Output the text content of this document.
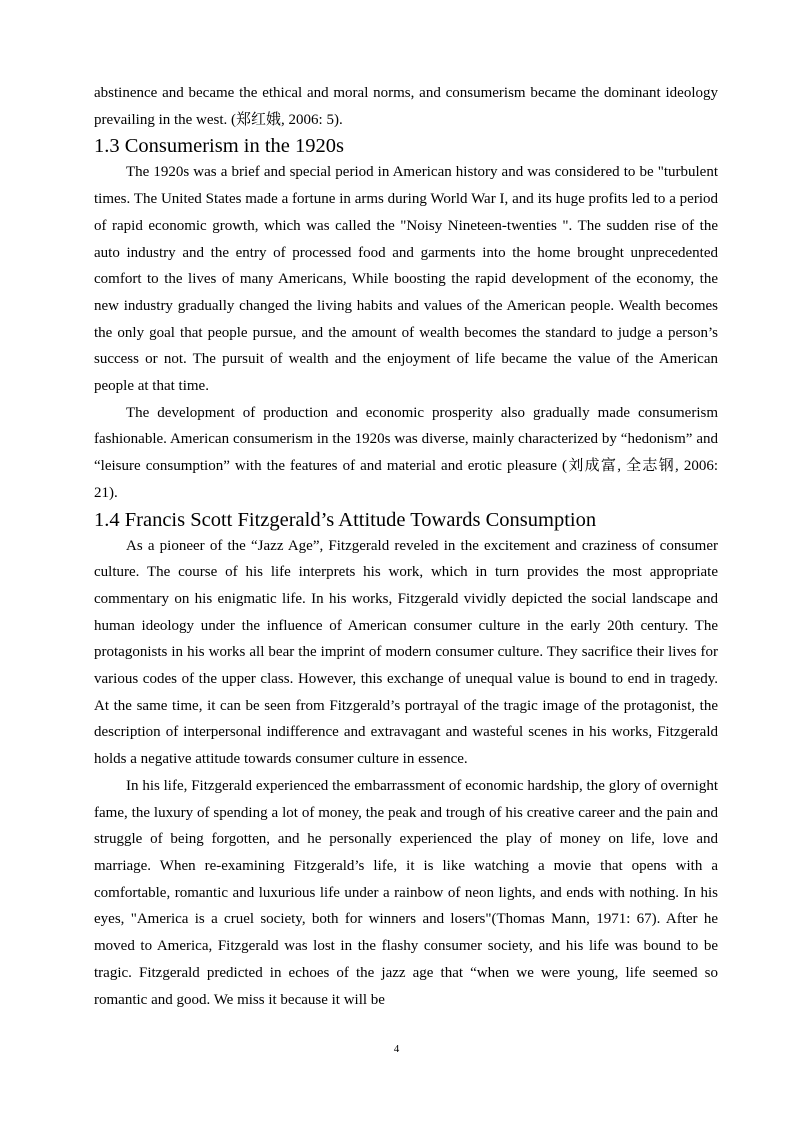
abstinence and became the ethical and moral norms, and consumerism became the dominant ideology prevailing in the west. (郑红娥, 2006: 5).

1.3 Consumerism in the 1920s

The 1920s was a brief and special period in American history and was considered to be "turbulent times. The United States made a fortune in arms during World War I, and its huge profits led to a period of rapid economic growth, which was called the "Noisy Nineteen-twenties ". The sudden rise of the auto industry and the entry of processed food and garments into the home brought unprecedented comfort to the lives of many Americans, While boosting the rapid development of the economy, the new industry gradually changed the living habits and values of the American people. Wealth becomes the only goal that people pursue, and the amount of wealth becomes the standard to judge a person’s success or not. The pursuit of wealth and the enjoyment of life became the value of the American people at that time.

The development of production and economic prosperity also gradually made consumerism fashionable. American consumerism in the 1920s was diverse, mainly characterized by “hedonism” and “leisure consumption” with the features of and material and erotic pleasure (刘成富, 全志钢, 2006: 21).

1.4 Francis Scott Fitzgerald’s Attitude Towards Consumption

As a pioneer of the “Jazz Age”, Fitzgerald reveled in the excitement and craziness of consumer culture. The course of his life interprets his work, which in turn provides the most appropriate commentary on his enigmatic life. In his works, Fitzgerald vividly depicted the social landscape and human ideology under the influence of American consumer culture in the early 20th century. The protagonists in his works all bear the imprint of modern consumer culture. They sacrifice their lives for various codes of the upper class. However, this exchange of unequal value is bound to end in tragedy. At the same time, it can be seen from Fitzgerald’s portrayal of the tragic image of the protagonist, the description of interpersonal indifference and extravagant and wasteful scenes in his works, Fitzgerald holds a negative attitude towards consumer culture in essence.

In his life, Fitzgerald experienced the embarrassment of economic hardship, the glory of overnight fame, the luxury of spending a lot of money, the peak and trough of his creative career and the pain and struggle of being forgotten, and he personally experienced the play of money on life, love and marriage. When re-examining Fitzgerald’s life, it is like watching a movie that opens with a comfortable, romantic and luxurious life under a rainbow of neon lights, and ends with nothing. In his eyes, "America is a cruel society, both for winners and losers"(Thomas Mann, 1971: 67). After he moved to America, Fitzgerald was lost in the flashy consumer society, and his life was bound to be tragic. Fitzgerald predicted in echoes of the jazz age that “when we were young, life seemed so romantic and good. We miss it because it will be

4
